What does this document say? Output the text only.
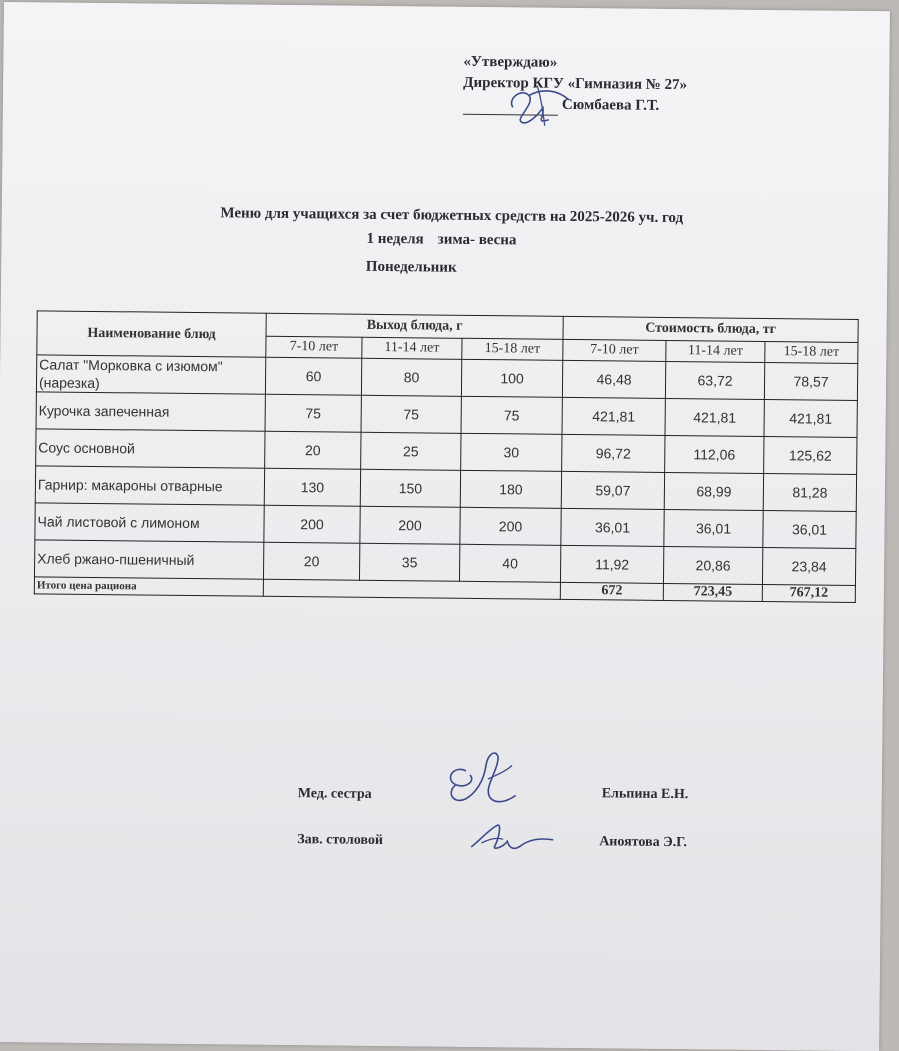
«Утверждаю»
Директор КГУ «Гимназия № 27»
Сюмбаева Г.Т.
Меню для учащихся за счет бюджетных средств на 2025-2026 уч. год
1 неделя зима- весна
Понедельник
Наименование блюд	Выход блюда, г			Стоимость блюда, тг		
	7-10 лет	11-14 лет	15-18 лет	7-10 лет	11-14 лет	15-18 лет
Салат "Морковка с изюмом" (нарезка)	60	80	100	46,48	63,72	78,57
Курочка запеченная	75	75	75	421,81	421,81	421,81
Соус основной	20	25	30	96,72	112,06	125,62
Гарнир: макароны отварные	130	150	180	59,07	68,99	81,28
Чай листовой с лимоном	200	200	200	36,01	36,01	36,01
Хлеб ржано-пшеничный	20	35	40	11,92	20,86	23,84
Итого цена рациона				672	723,45	767,12
Мед. сестра	Ельпина Е.Н.
Зав. столовой	Аноятова Э.Г.
